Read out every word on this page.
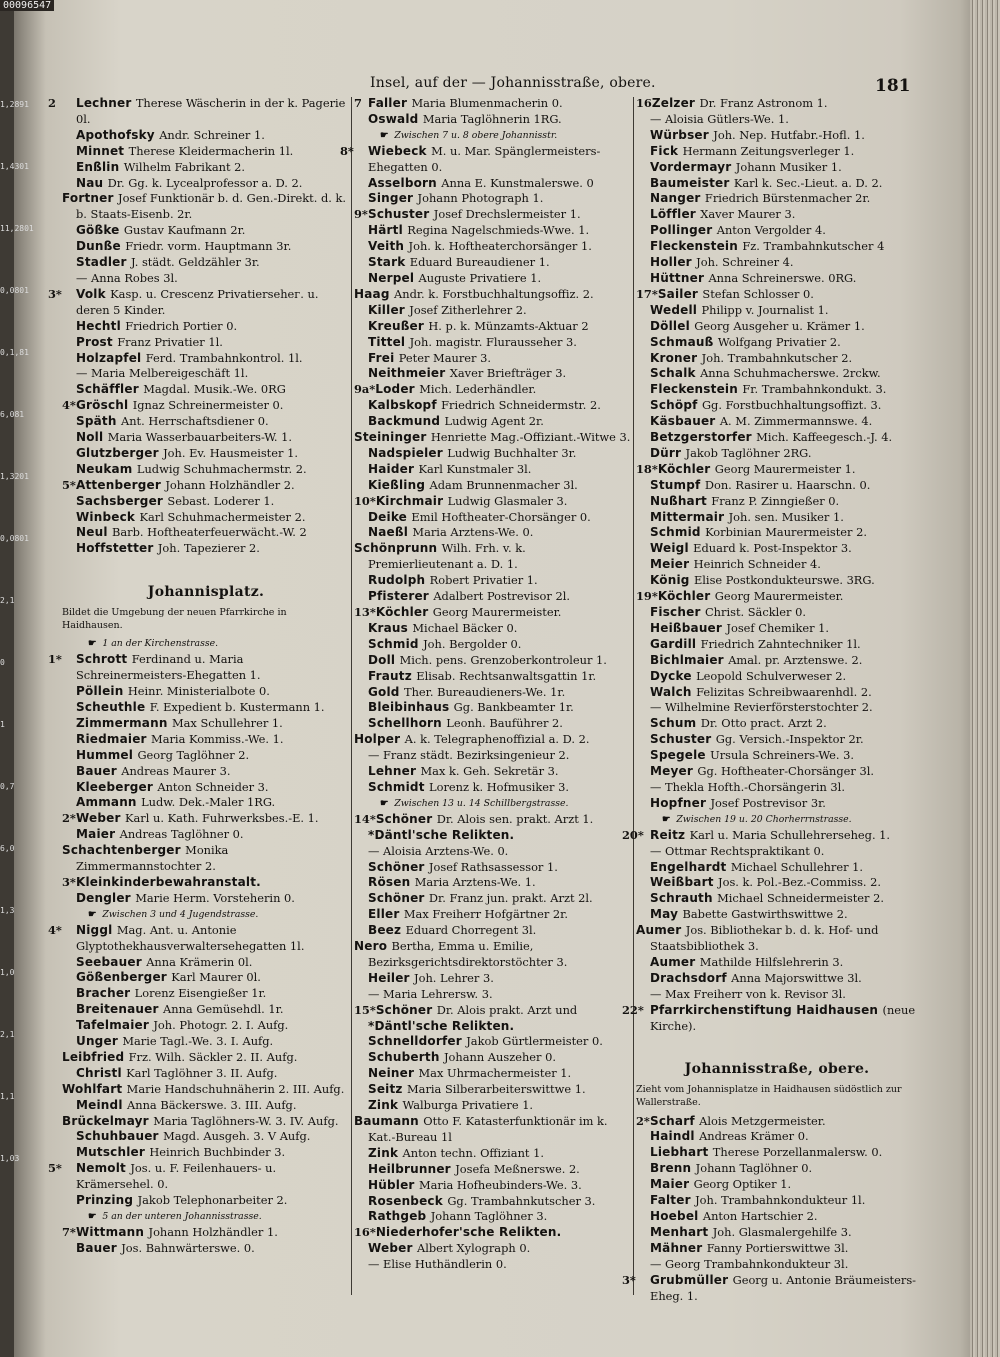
1,2891
1,4301
11,2801
0,0801
0,1,81
6,081
1,3201
0,0801
2,1
0
1
0,7
6,0
1,3
1,0
2,1
1,1
1,03
00096547
Insel, auf der — Johannisstraße, obere.	181
2 Lechner Therese Wäscherin in der k. Pagerie 0l.
Apothofsky Andr. Schreiner 1.
Minnet Therese Kleidermacherin 1l.
Enßlin Wilhelm Fabrikant 2.
Nau Dr. Gg. k. Lycealprofessor a. D. 2.
Fortner Josef Funktionär b. d. Gen.-Direkt. d. k. b. Staats-Eisenb. 2r.
Gößke Gustav Kaufmann 2r.
Dunße Friedr. vorm. Hauptmann 3r.
Stadler J. städt. Geldzähler 3r.
— Anna Robes 3l.
3* Volk Kasp. u. Crescenz Privatiersehег. u. deren 5 Kinder.
Hechtl Friedrich Portier 0.
Prost Franz Privatier 1l.
Holzapfel Ferd. Trambahnkontrol. 1l.
— Maria Melbereigeschäft 1l.
Schäffler Magdal. Musik.-We. 0RG
4*Gröschl Ignaz Schreinermeister 0.
Späth Ant. Herrschaftsdiener 0.
Noll Maria Wasserbauarbeiters-W. 1.
Glutzberger Joh. Ev. Hausmeister 1.
Neukam Ludwig Schuhmachermstr. 2.
5*Attenberger Johann Holzhändler 2.
Sachsberger Sebast. Loderer 1.
Winbeck Karl Schuhmachermeister 2.
Neul Barb. Hoftheaterfeuerwächt.-W. 2
Hoffstetter Joh. Tapezierer 2.
Johannisplatz.
Bildet die Umgebung der neuen Pfarrkirche in Haidhausen.
☛ 1 an der Kirchenstrasse.
1* Schrott Ferdinand u. Maria Schreinermeisters-Ehegatten 1.
Pöllein Heinr. Ministerialbote 0.
Scheuthle F. Expedient b. Kustermann 1.
Zimmermann Max Schullehrer 1.
Riedmaier Maria Kommiss.-We. 1.
Hummel Georg Taglöhner 2.
Bauer Andreas Maurer 3.
Kleeberger Anton Schneider 3.
Ammann Ludw. Dek.-Maler 1RG.
2*Weber Karl u. Kath. Fuhrwerksbes.-E. 1.
Maier Andreas Taglöhner 0.
Schachtenberger Monika Zimmermannstochter 2.
3*Kleinkinderbewahranstalt.
Dengler Marie Herm. Vorsteherin 0.
☛ Zwischen 3 und 4 Jugendstrasse.
4* Niggl Mag. Ant. u. Antonie Glyptothekhausverwaltersehegatten 1l.
Seebauer Anna Krämerin 0l.
Gößenberger Karl Maurer 0l.
Bracher Lorenz Eisengießer 1r.
Breitenauer Anna Gemüsehdl. 1r.
Tafelmaier Joh. Photogr. 2. I. Aufg.
Unger Marie Tagl.-We. 3. I. Aufg.
Leibfried Frz. Wilh. Säckler 2. II. Aufg.
Christl Karl Taglöhner 3. II. Aufg.
Wohlfart Marie Handschuhnäherin 2. III. Aufg.
Meindl Anna Bäckerswe. 3. III. Aufg.
Brückelmayr Maria Taglöhners-W. 3. IV. Aufg.
Schuhbauer Magd. Ausgeh. 3. V Aufg.
Mutschler Heinrich Buchbinder 3.
5* Nemolt Jos. u. F. Feilenhauers- u. Krämersehel. 0.
Prinzing Jakob Telephonarbeiter 2.
☛ 5 an der unteren Johannisstrasse.
7*Wittmann Johann Holzhändler 1.
Bauer Jos. Bahnwärterswe. 0.
7 Faller Maria Blumenmacherin 0.
Oswald Maria Taglöhnerin 1RG.
☛ Zwischen 7 u. 8 obere Johannisstr.
8* Wiebeck M. u. Mar. Spänglermeisters-Ehegatten 0.
Asselborn Anna E. Kunstmalerswe. 0
Singer Johann Photograph 1.
9*Schuster Josef Drechslermeister 1.
Härtl Regina Nagelschmieds-Wwe. 1.
Veith Joh. k. Hoftheaterchorsänger 1.
Stark Eduard Bureaudiener 1.
Nerpel Auguste Privatiere 1.
Haag Andr. k. Forstbuchhaltungsoffiz. 2.
Killer Josef Zitherlehrer 2.
Kreußer H. p. k. Münzamts-Aktuar 2
Tittel Joh. magistr. Flurausseher 3.
Frei Peter Maurer 3.
Neithmeier Xaver Briefträger 3.
9a*Loder Mich. Lederhändler.
Kalbskopf Friedrich Schneidermstr. 2.
Backmund Ludwig Agent 2r.
Steininger Henriette Mag.-Offiziant.-Witwe 3.
Nadspieler Ludwig Buchhalter 3r.
Haider Karl Kunstmaler 3l.
Kießling Adam Brunnenmacher 3l.
10*Kirchmair Ludwig Glasmaler 3.
Deike Emil Hoftheater-Chorsänger 0.
Naeßl Maria Arztens-We. 0.
Schönprunn Wilh. Frh. v. k. Premierlieutenant a. D. 1.
Rudolph Robert Privatier 1.
Pfisterer Adalbert Postrevisor 2l.
13*Köchler Georg Maurermeister.
Kraus Michael Bäcker 0.
Schmid Joh. Bergolder 0.
Doll Mich. pens. Grenzoberkontroleur 1.
Frautz Elisab. Rechtsanwaltsgattin 1r.
Gold Ther. Bureaudieners-We. 1r.
Bleibinhaus Gg. Bankbeamter 1r.
Schellhorn Leonh. Bauführer 2.
Holper A. k. Telegraphenoffizial a. D. 2.
— Franz städt. Bezirksingenieur 2.
Lehner Max k. Geh. Sekretär 3.
Schmidt Lorenz k. Hofmusiker 3.
☛ Zwischen 13 u. 14 Schillbergstrasse.
14*Schöner Dr. Alois sen. prakt. Arzt 1.
*Däntl'sche Relikten.
— Aloisia Arztens-We. 0.
Schöner Josef Rathsassessor 1.
Rösen Maria Arztens-We. 1.
Schöner Dr. Franz jun. prakt. Arzt 2l.
Eller Max Freiherr Hofgärtner 2r.
Beez Eduard Chorregent 3l.
Nero Bertha, Emma u. Emilie, Bezirksgerichtsdirektorstöchter 3.
Heiler Joh. Lehrer 3.
— Maria Lehrersw. 3.
15*Schöner Dr. Alois prakt. Arzt und
*Däntl'sche Relikten.
Schnelldorfer Jakob Gürtlermeister 0.
Schuberth Johann Auszeher 0.
Neiner Max Uhrmachermeister 1.
Seitz Maria Silberarbeiterswittwe 1.
Zink Walburga Privatiere 1.
Baumann Otto F. Katasterfunktionär im k. Kat.-Bureau 1l
Zink Anton techn. Offiziant 1.
Heilbrunner Josefa Meßnerswe. 2.
Hübler Maria Hofheubinders-We. 3.
Rosenbeck Gg. Trambahnkutscher 3.
Rathgeb Johann Taglöhner 3.
16*Niederhofer'sche Relikten.
Weber Albert Xylograph 0.
— Elise Huthändlerin 0.
16Zelzer Dr. Franz Astronom 1.
— Aloisia Gütlers-We. 1.
Würbser Joh. Nep. Hutfabr.-Hofl. 1.
Fick Hermann Zeitungsverleger 1.
Vordermayr Johann Musiker 1.
Baumeister Karl k. Sec.-Lieut. a. D. 2.
Nanger Friedrich Bürstenmacher 2r.
Löffler Xaver Maurer 3.
Pollinger Anton Vergolder 4.
Fleckenstein Fz. Trambahnkutscher 4
Holler Joh. Schreiner 4.
Hüttner Anna Schreinerswe. 0RG.
17*Sailer Stefan Schlosser 0.
Wedell Philipp v. Journalist 1.
Döllel Georg Ausgeher u. Krämer 1.
Schmauß Wolfgang Privatier 2.
Kroner Joh. Trambahnkutscher 2.
Schalk Anna Schuhmacherswe. 2rckw.
Fleckenstein Fr. Trambahnkondukt. 3.
Schöpf Gg. Forstbuchhaltungsoffizt. 3.
Käsbauer A. M. Zimmermannswe. 4.
Betzgerstorfer Mich. Kaffeegesch.-J. 4.
Dürr Jakob Taglöhner 2RG.
18*Köchler Georg Maurermeister 1.
Stumpf Don. Rasirer u. Haarschn. 0.
Nußhart Franz P. Zinngießer 0.
Mittermair Joh. sen. Musiker 1.
Schmid Korbinian Maurermeister 2.
Weigl Eduard k. Post-Inspektor 3.
Meier Heinrich Schneider 4.
König Elise Postkondukteurswe. 3RG.
19*Köchler Georg Maurermeister.
Fischer Christ. Säckler 0.
Heißbauer Josef Chemiker 1.
Gardill Friedrich Zahntechniker 1l.
Bichlmaier Amal. pr. Arztenswe. 2.
Dycke Leopold Schulverweser 2.
Walch Felizitas Schreibwaarenhdl. 2.
— Wilhelmine Revierförsterstochter 2.
Schum Dr. Otto pract. Arzt 2.
Schuster Gg. Versich.-Inspektor 2r.
Spegele Ursula Schreiners-We. 3.
Meyer Gg. Hoftheater-Chorsänger 3l.
— Thekla Hofth.-Chorsängerin 3l.
Hopfner Josef Postrevisor 3r.
☛ Zwischen 19 u. 20 Chorherrnstrasse.
20* Reitz Karl u. Maria Schullehrerseheg. 1.
— Ottmar Rechtspraktikant 0.
Engelhardt Michael Schullehrer 1.
Weißbart Jos. k. Pol.-Bez.-Commiss. 2.
Schrauth Michael Schneidermeister 2.
May Babette Gastwirthswittwe 2.
Aumer Jos. Bibliothekar b. d. k. Hof- und Staatsbibliothek 3.
Aumer Mathilde Hilfslehrerin 3.
Drachsdorf Anna Majorswittwe 3l.
— Max Freiherr von k. Revisor 3l.
22* Pfarrkirchenstiftung Haidhausen (neue Kirche).
Johannisstraße, obere.
Zieht vom Johannisplatze in Haidhausen südöstlich zur Wallerstraße.
2*Scharf Alois Metzgermeister.
Haindl Andreas Krämer 0.
Liebhart Therese Porzellanmalersw. 0.
Brenn Johann Taglöhner 0.
Maier Georg Optiker 1.
Falter Joh. Trambahnkondukteur 1l.
Hoebel Anton Hartschier 2.
Menhart Joh. Glasmalergehilfe 3.
Mähner Fanny Portierswittwe 3l.
— Georg Trambahnkondukteur 3l.
3* Grubmüller Georg u. Antonie Bräumeisters-Eheg. 1.
